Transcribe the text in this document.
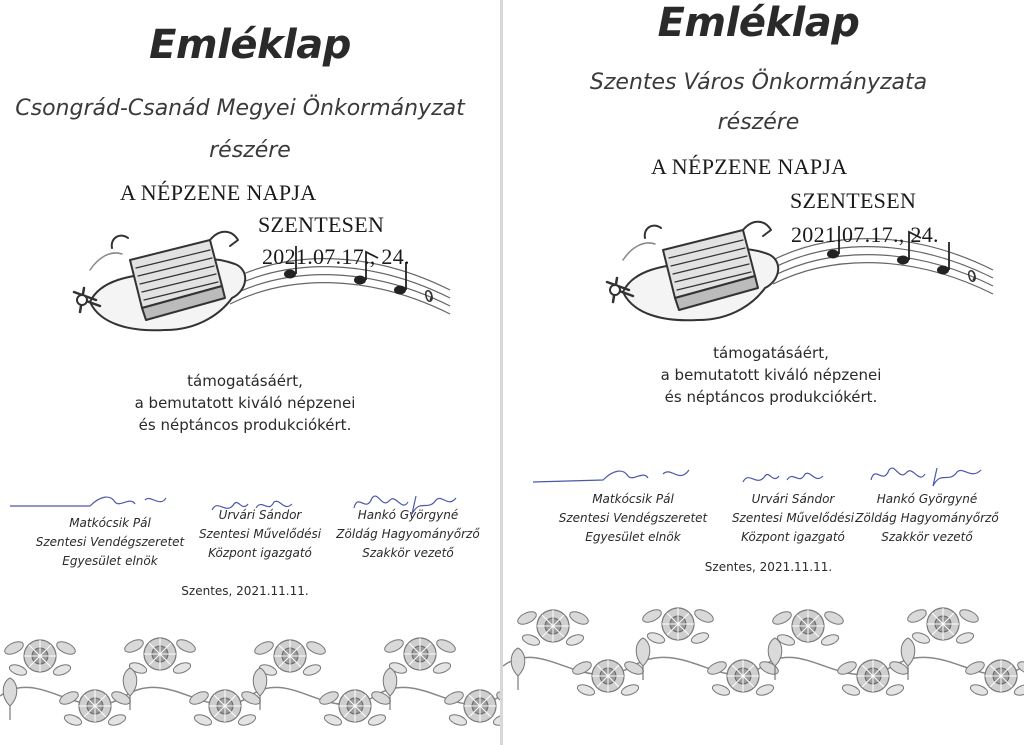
Emléklap
Csongrád-Csanád Megyei Önkormányzat
részére
A NÉPZENE NAPJA
SZENTESEN
2021.07.17., 24.
támogatásáért,
a bemutatott kiváló népzenei
és néptáncos produkciókért.
Matkócsik Pál
Szentesi Vendégszeretet
Egyesület elnök
Urvári Sándor
Szentesi Művelődési
Központ igazgató
Hankó Györgyné
Zöldág Hagyományőrző
Szakkör vezető
Szentes, 2021.11.11.
Emléklap
Szentes Város Önkormányzata
részére
A NÉPZENE NAPJA
SZENTESEN
2021.07.17., 24.
támogatásáért,
a bemutatott kiváló népzenei
és néptáncos produkciókért.
Matkócsik Pál
Szentesi Vendégszeretet
Egyesület elnök
Urvári Sándor
Szentesi Művelődési
Központ igazgató
Hankó Györgyné
Zöldág Hagyományőrző
Szakkör vezető
Szentes, 2021.11.11.
